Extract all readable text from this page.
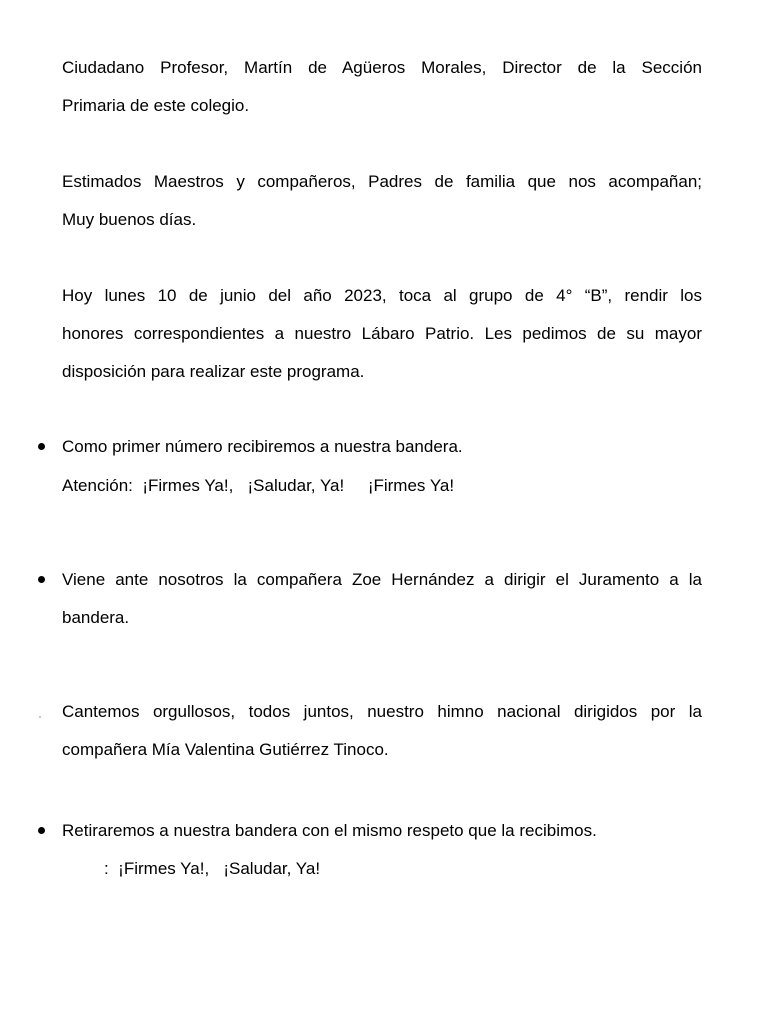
Ciudadano Profesor, Martín de Agüeros Morales, Director de la Sección
Primaria de este colegio.

Estimados Maestros y compañeros, Padres de familia que nos acompañan;
Muy buenos días.

Hoy lunes 10 de junio del año 2023, toca al grupo de 4° “B”, rendir los
honores correspondientes a nuestro Lábaro Patrio. Les pedimos de su mayor
disposición para realizar este programa.

Como primer número recibiremos a nuestra bandera.

Atención:  ¡Firmes Ya!,   ¡Saludar, Ya!     ¡Firmes Ya!

Viene ante nosotros la compañera Zoe Hernández a dirigir el Juramento a la
bandera.

Cantemos orgullosos, todos juntos, nuestro himno nacional dirigidos por la
compañera Mía Valentina Gutiérrez Tinoco.

Retiraremos a nuestra bandera con el mismo respeto que la recibimos.

:  ¡Firmes Ya!,   ¡Saludar, Ya!
